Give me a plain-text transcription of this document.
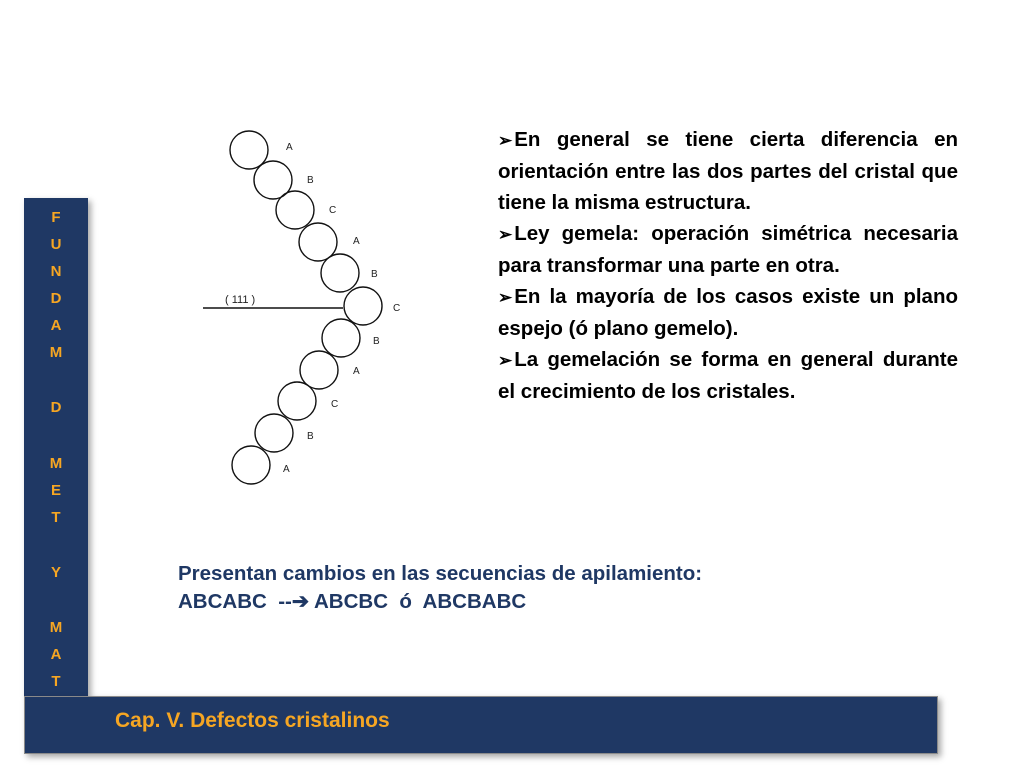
F
U
N
D
A
M
D
M
E
T
Y
M
A
T
( 111 )
A
B
C
A
B
C
B
A
C
B
A

➢En general se tiene cierta diferencia en orientación entre las dos partes del cristal que tiene la misma estructura.

➢Ley gemela: operación simétrica necesaria para transformar una parte en otra.

➢En la mayoría de los casos existe un plano espejo (ó plano gemelo).

➢La gemelación se forma en general durante el crecimiento de los cristales.

Presentan cambios en las secuencias de apilamiento:
ABCABC  --➔ ABCBC  ó  ABCBABC
Cap. V. Defectos cristalinos
